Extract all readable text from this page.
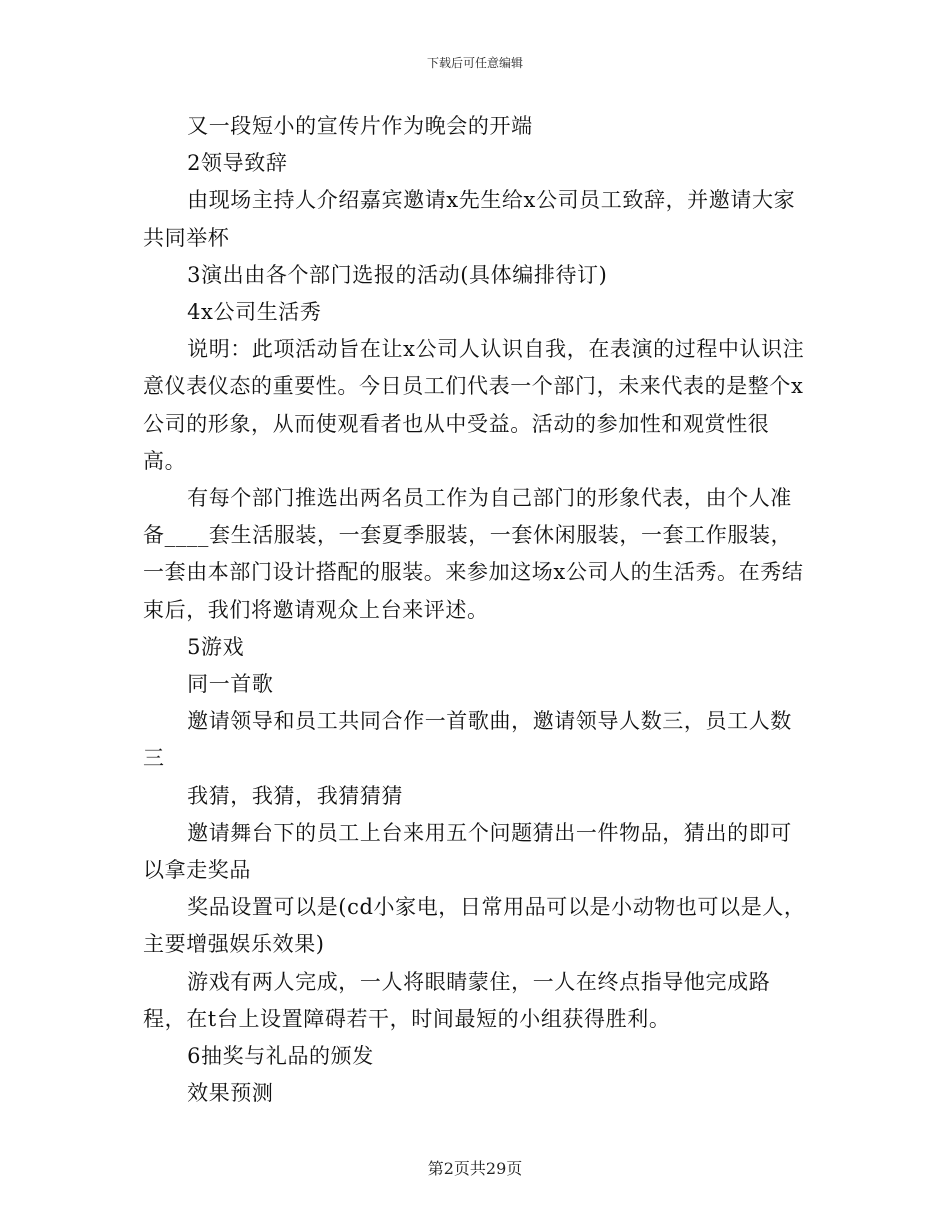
下载后可任意编辑

又一段短小的宣传片作为晚会的开端

2领导致辞

由现场主持人介绍嘉宾邀请x先生给x公司员工致辞，并邀请大家共同举杯

3演出由各个部门选报的活动(具体编排待订)

4x公司生活秀

说明：此项活动旨在让x公司人认识自我，在表演的过程中认识注意仪表仪态的重要性。今日员工们代表一个部门，未来代表的是整个x公司的形象，从而使观看者也从中受益。活动的参加性和观赏性很高。

有每个部门推选出两名员工作为自己部门的形象代表，由个人准备____套生活服装，一套夏季服装，一套休闲服装，一套工作服装，一套由本部门设计搭配的服装。来参加这场x公司人的生活秀。在秀结束后，我们将邀请观众上台来评述。

5游戏

同一首歌

邀请领导和员工共同合作一首歌曲，邀请领导人数三，员工人数三

我猜，我猜，我猜猜猜

邀请舞台下的员工上台来用五个问题猜出一件物品，猜出的即可以拿走奖品

奖品设置可以是(cd小家电，日常用品可以是小动物也可以是人，主要增强娱乐效果)

游戏有两人完成，一人将眼睛蒙住，一人在终点指导他完成路程，在t台上设置障碍若干，时间最短的小组获得胜利。

6抽奖与礼品的颁发

效果预测

第2页共29页
